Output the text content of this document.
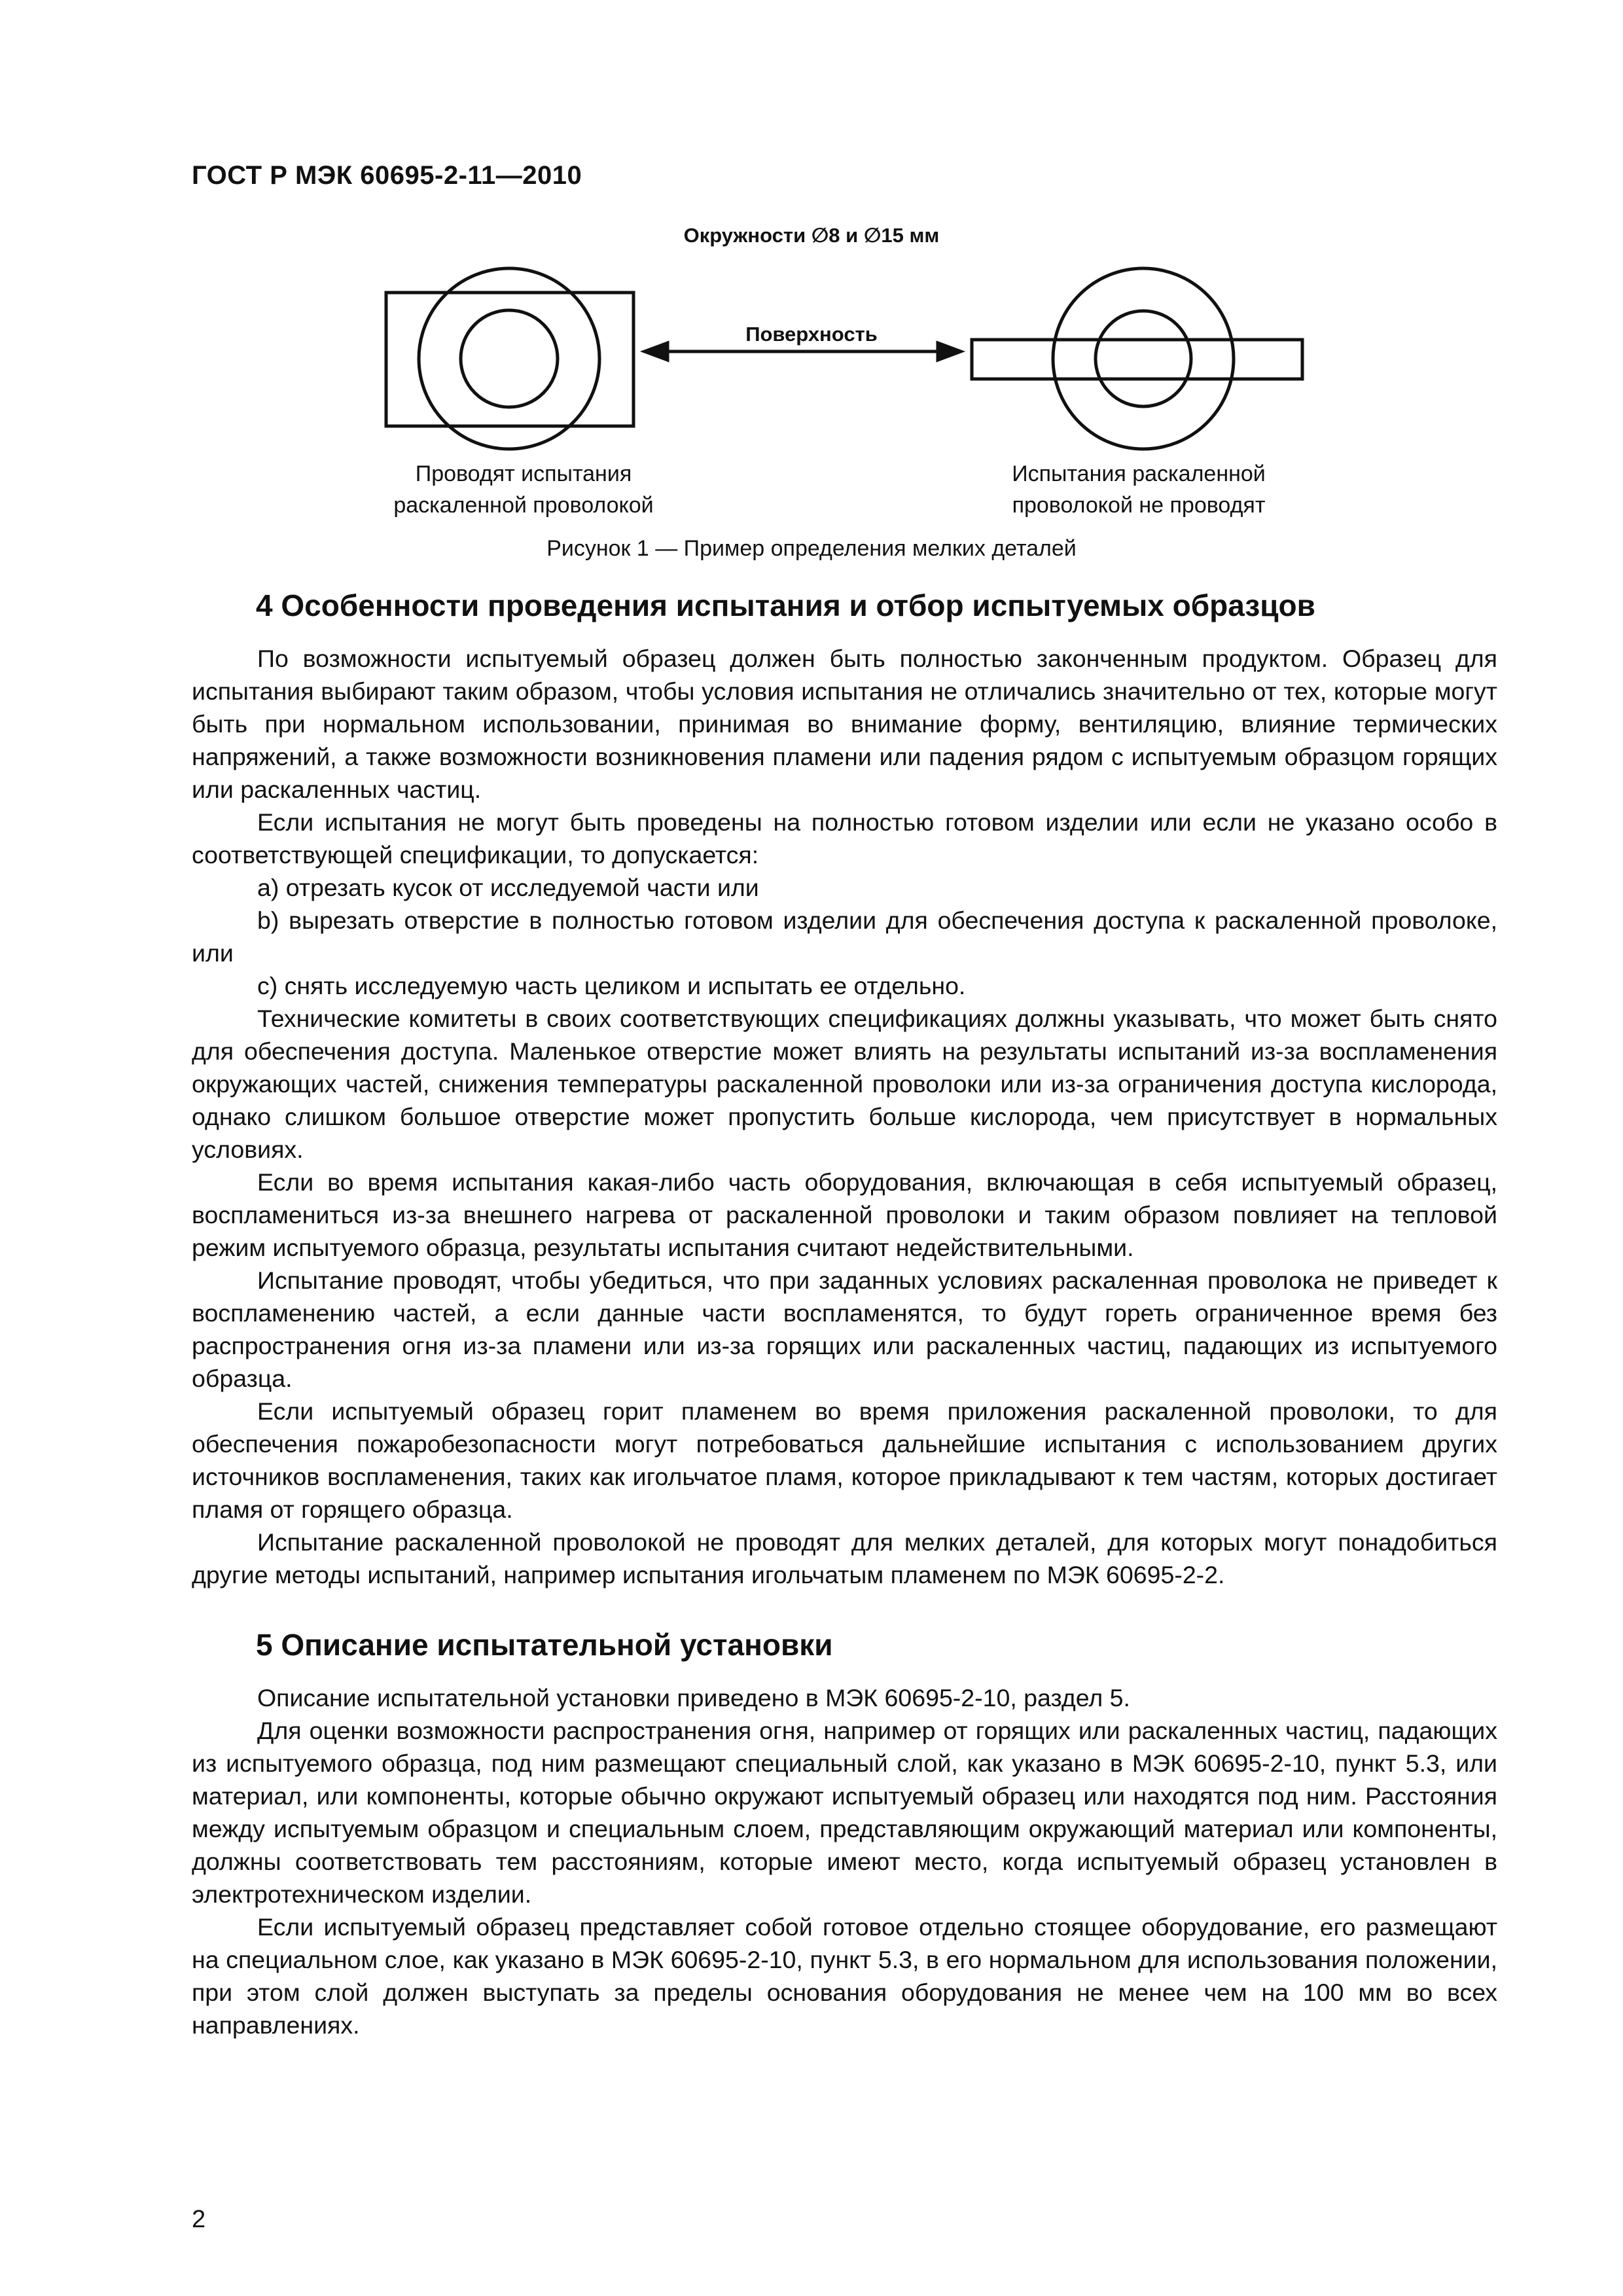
ГОСТ Р МЭК 60695-2-11—2010
Окружности ∅8 и ∅15 мм
Поверхность
Проводят испытания
раскаленной проволокой
Испытания раскаленной
проволокой не проводят
Рисунок 1 — Пример определения мелких деталей
4 Особенности проведения испытания и отбор испытуемых образцов

По возможности испытуемый образец должен быть полностью законченным продуктом. Образец для испытания выбирают таким образом, чтобы условия испытания не отличались значительно от тех, которые могут быть при нормальном использовании, принимая во внимание форму, вентиляцию, влияние термических напряжений, а также возможности возникновения пламени или падения рядом с испытуемым образцом горящих или раскаленных частиц.

Если испытания не могут быть проведены на полностью готовом изделии или если не указано особо в соответствующей спецификации, то допускается:

a) отрезать кусок от исследуемой части или

b) вырезать отверстие в полностью готовом изделии для обеспечения доступа к раскаленной проволоке, или

c) снять исследуемую часть целиком и испытать ее отдельно.

Технические комитеты в своих соответствующих спецификациях должны указывать, что может быть снято для обеспечения доступа. Маленькое отверстие может влиять на результаты испытаний из-за воспламенения окружающих частей, снижения температуры раскаленной проволоки или из-за ограничения доступа кислорода, однако слишком большое отверстие может пропустить больше кислорода, чем присутствует в нормальных условиях.

Если во время испытания какая-либо часть оборудования, включающая в себя испытуемый образец, воспламениться из-за внешнего нагрева от раскаленной проволоки и таким образом повлияет на тепловой режим испытуемого образца, результаты испытания считают недействительными.

Испытание проводят, чтобы убедиться, что при заданных условиях раскаленная проволока не приведет к воспламенению частей, а если данные части воспламенятся, то будут гореть ограниченное время без распространения огня из-за пламени или из-за горящих или раскаленных частиц, падающих из испытуемого образца.

Если испытуемый образец горит пламенем во время приложения раскаленной проволоки, то для обеспечения пожаробезопасности могут потребоваться дальнейшие испытания с использованием других источников воспламенения, таких как игольчатое пламя, которое прикладывают к тем частям, которых достигает пламя от горящего образца.

Испытание раскаленной проволокой не проводят для мелких деталей, для которых могут понадобиться другие методы испытаний, например испытания игольчатым пламенем по МЭК 60695-2-2.

5 Описание испытательной установки

Описание испытательной установки приведено в МЭК 60695-2-10, раздел 5.

Для оценки возможности распространения огня, например от горящих или раскаленных частиц, падающих из испытуемого образца, под ним размещают специальный слой, как указано в МЭК 60695-2-10, пункт 5.3, или материал, или компоненты, которые обычно окружают испытуемый образец или находятся под ним. Расстояния между испытуемым образцом и специальным слоем, представляющим окружающий материал или компоненты, должны соответствовать тем расстояниям, которые имеют место, когда испытуемый образец установлен в электротехническом изделии.

Если испытуемый образец представляет собой готовое отдельно стоящее оборудование, его размещают на специальном слое, как указано в МЭК 60695-2-10, пункт 5.3, в его нормальном для использования положении, при этом слой должен выступать за пределы основания оборудования не менее чем на 100 мм во всех направлениях.

2
